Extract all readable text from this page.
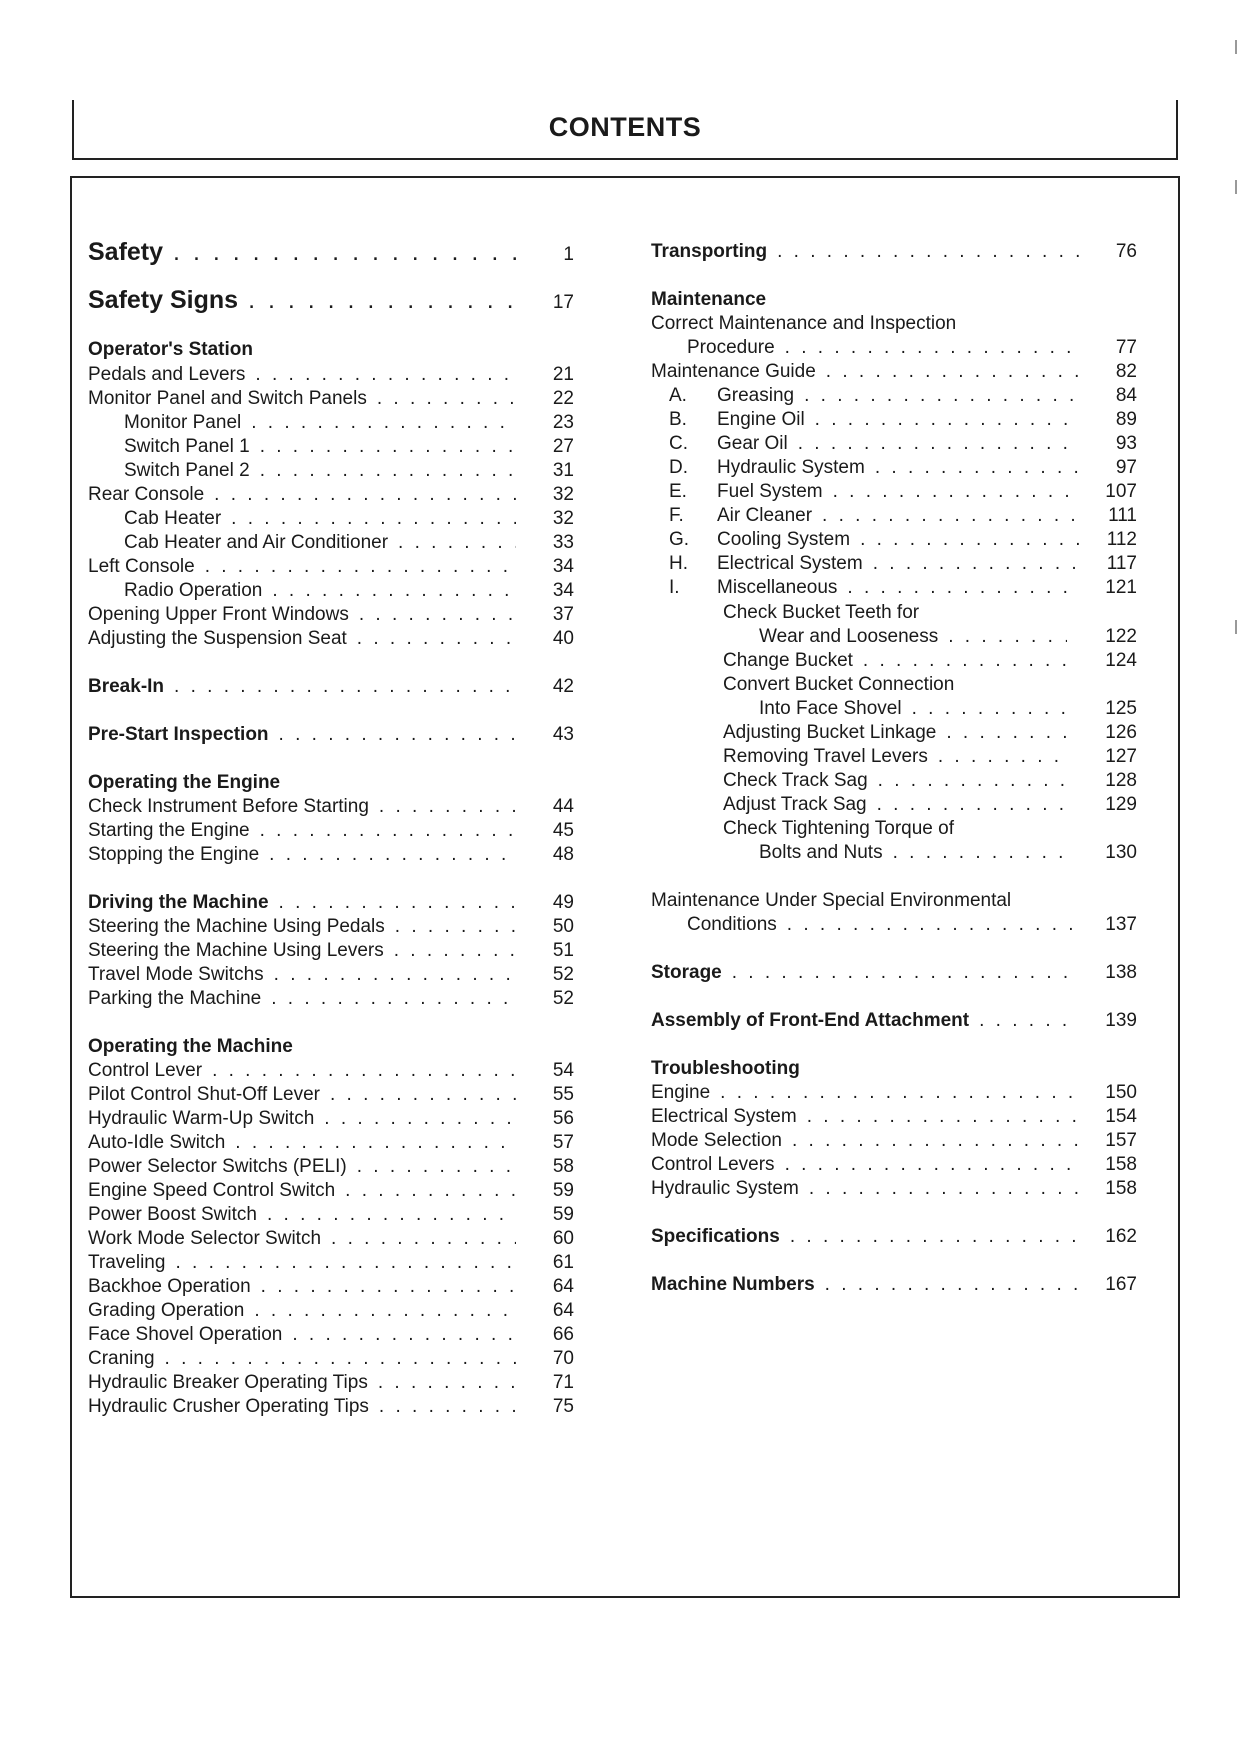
CONTENTS
Safety . . .	1
Safety Signs . . .	17
Operator's Station
Pedals and Levers . . .	21
Monitor Panel and Switch Panels . . .	22
Monitor Panel . . .	23
Switch Panel 1 . . .	27
Switch Panel 2 . . .	31
Rear Console . . .	32
Cab Heater . . .	32
Cab Heater and Air Conditioner . . .	33
Left Console . . .	34
Radio Operation . . .	34
Opening Upper Front Windows . . .	37
Adjusting the Suspension Seat . . .	40
Break-In . . .	42
Pre-Start Inspection . . .	43
Operating the Engine
Check Instrument Before Starting . . .	44
Starting the Engine . . .	45
Stopping the Engine . . .	48
Driving the Machine . . .	49
Steering the Machine Using Pedals . . .	50
Steering the Machine Using Levers . . .	51
Travel Mode Switchs . . .	52
Parking the Machine . . .	52
Operating the Machine
Control Lever . . .	54
Pilot Control Shut-Off Lever . . .	55
Hydraulic Warm-Up Switch . . .	56
Auto-Idle Switch . . .	57
Power Selector Switchs (PELI) . . .	58
Engine Speed Control Switch . . .	59
Power Boost Switch . . .	59
Work Mode Selector Switch . . .	60
Traveling . . .	61
Backhoe Operation . . .	64
Grading Operation . . .	64
Face Shovel Operation . . .	66
Craning . . .	70
Hydraulic Breaker Operating Tips . . .	71
Hydraulic Crusher Operating Tips . . .	75
Transporting . . .	76
Maintenance
Correct Maintenance and Inspection
Procedure . . .	77
Maintenance Guide . . .	82
A.	Greasing . . .	84
B.	Engine Oil . . .	89
C.	Gear Oil . . .	93
D.	Hydraulic System . . .	97
E.	Fuel System . . .	107
F.	Air Cleaner . . .	111
G.	Cooling System . . .	112
H.	Electrical System . . .	117
I.	Miscellaneous . . .	121
Check Bucket Teeth for
Wear and Looseness . . .	122
Change Bucket . . .	124
Convert Bucket Connection
Into Face Shovel . . .	125
Adjusting Bucket Linkage . . .	126
Removing Travel Levers . . .	127
Check Track Sag . . .	128
Adjust Track Sag . . .	129
Check Tightening Torque of
Bolts and Nuts . . .	130
Maintenance Under Special Environmental
Conditions . . .	137
Storage . . .	138
Assembly of Front-End Attachment . . .	139
Troubleshooting
Engine . . .	150
Electrical System . . .	154
Mode Selection . . .	157
Control Levers . . .	158
Hydraulic System . . .	158
Specifications . . .	162
Machine Numbers . . .	167
